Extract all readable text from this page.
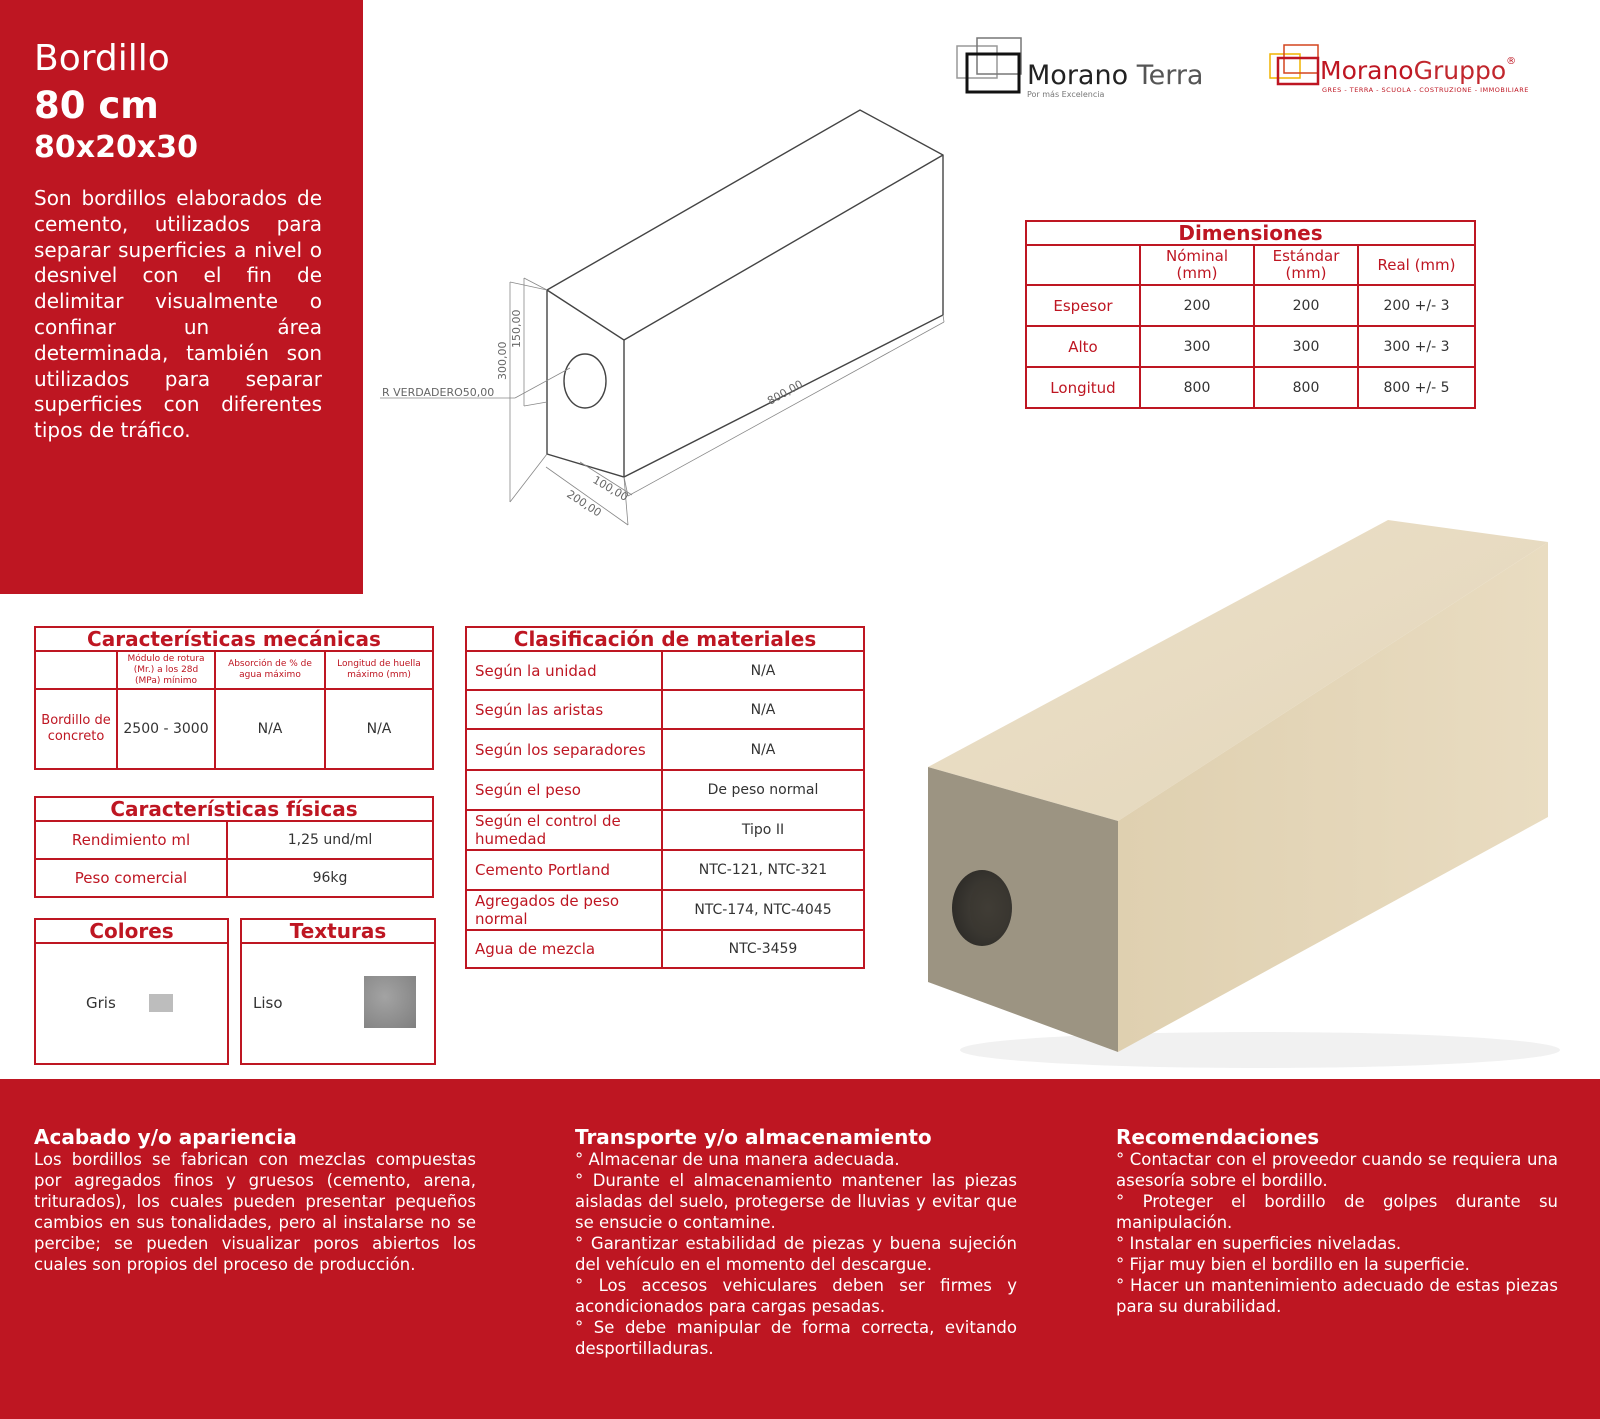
Bordillo
80 cm
80x20x30
Son bordillos elaborados de cemento, utilizados para separar superficies a nivel o desnivel con el fin de delimitar visualmente o confinar un área determinada, también son utilizados para separar superficies con diferentes tipos de tráfico.
Morano Terra
Por más Excelencia
MoranoGruppo®
GRES - TERRA - SCUOLA - COSTRUZIONE - IMMOBILIARE
150,00
300,00
R VERDADERO50,00	800,00
100,00
200,00
Dimensiones			
	Nóminal (mm)	Estándar (mm)	Real (mm)
Espesor	200	200	200 +/- 3
Alto	300	300	300 +/- 3
Longitud	800	800	800 +/- 5
Características mecánicas			
	Módulo de rotura (Mr.) a los 28d (MPa) mínimo	Absorción de % de agua máximo	Longitud de huella máximo (mm)
Bordillo de concreto	2500 - 3000	N/A	N/A
Características físicas	
Rendimiento ml	1,25 und/ml
Peso comercial	96kg
Colores
Gris
Texturas
Liso
Clasificación de materiales	
Según la unidad	N/A
Según las aristas	N/A
Según los separadores	N/A
Según el peso	De peso normal
Según el control de humedad	Tipo II
Cemento Portland	NTC-121, NTC-321
Agregados de peso normal	NTC-174, NTC-4045
Agua de mezcla	NTC-3459
Acabado y/o apariencia
Los bordillos se fabrican con mezclas compuestas por agregados finos y gruesos (cemento, arena, triturados), los cuales pueden presentar pequeños cambios en sus tonalidades, pero al instalarse no se percibe; se pueden visualizar poros abiertos los cuales son propios del proceso de producción.
Transporte y/o almacenamiento
° Almacenar de una manera adecuada.
° Durante el almacenamiento mantener las piezas aisladas del suelo, protegerse de lluvias y evitar que se ensucie o contamine.
° Garantizar estabilidad de piezas y buena sujeción del vehículo en el momento del descargue.
° Los accesos vehiculares deben ser firmes y acondicionados para cargas pesadas.
° Se debe manipular de forma correcta, evitando desportilladuras.
Recomendaciones
° Contactar con el proveedor cuando se requiera una asesoría sobre el bordillo.
° Proteger el bordillo de golpes durante su manipulación.
° Instalar en superficies niveladas.
° Fijar muy bien el bordillo en la superficie.
° Hacer un mantenimiento adecuado de estas piezas para su durabilidad.
